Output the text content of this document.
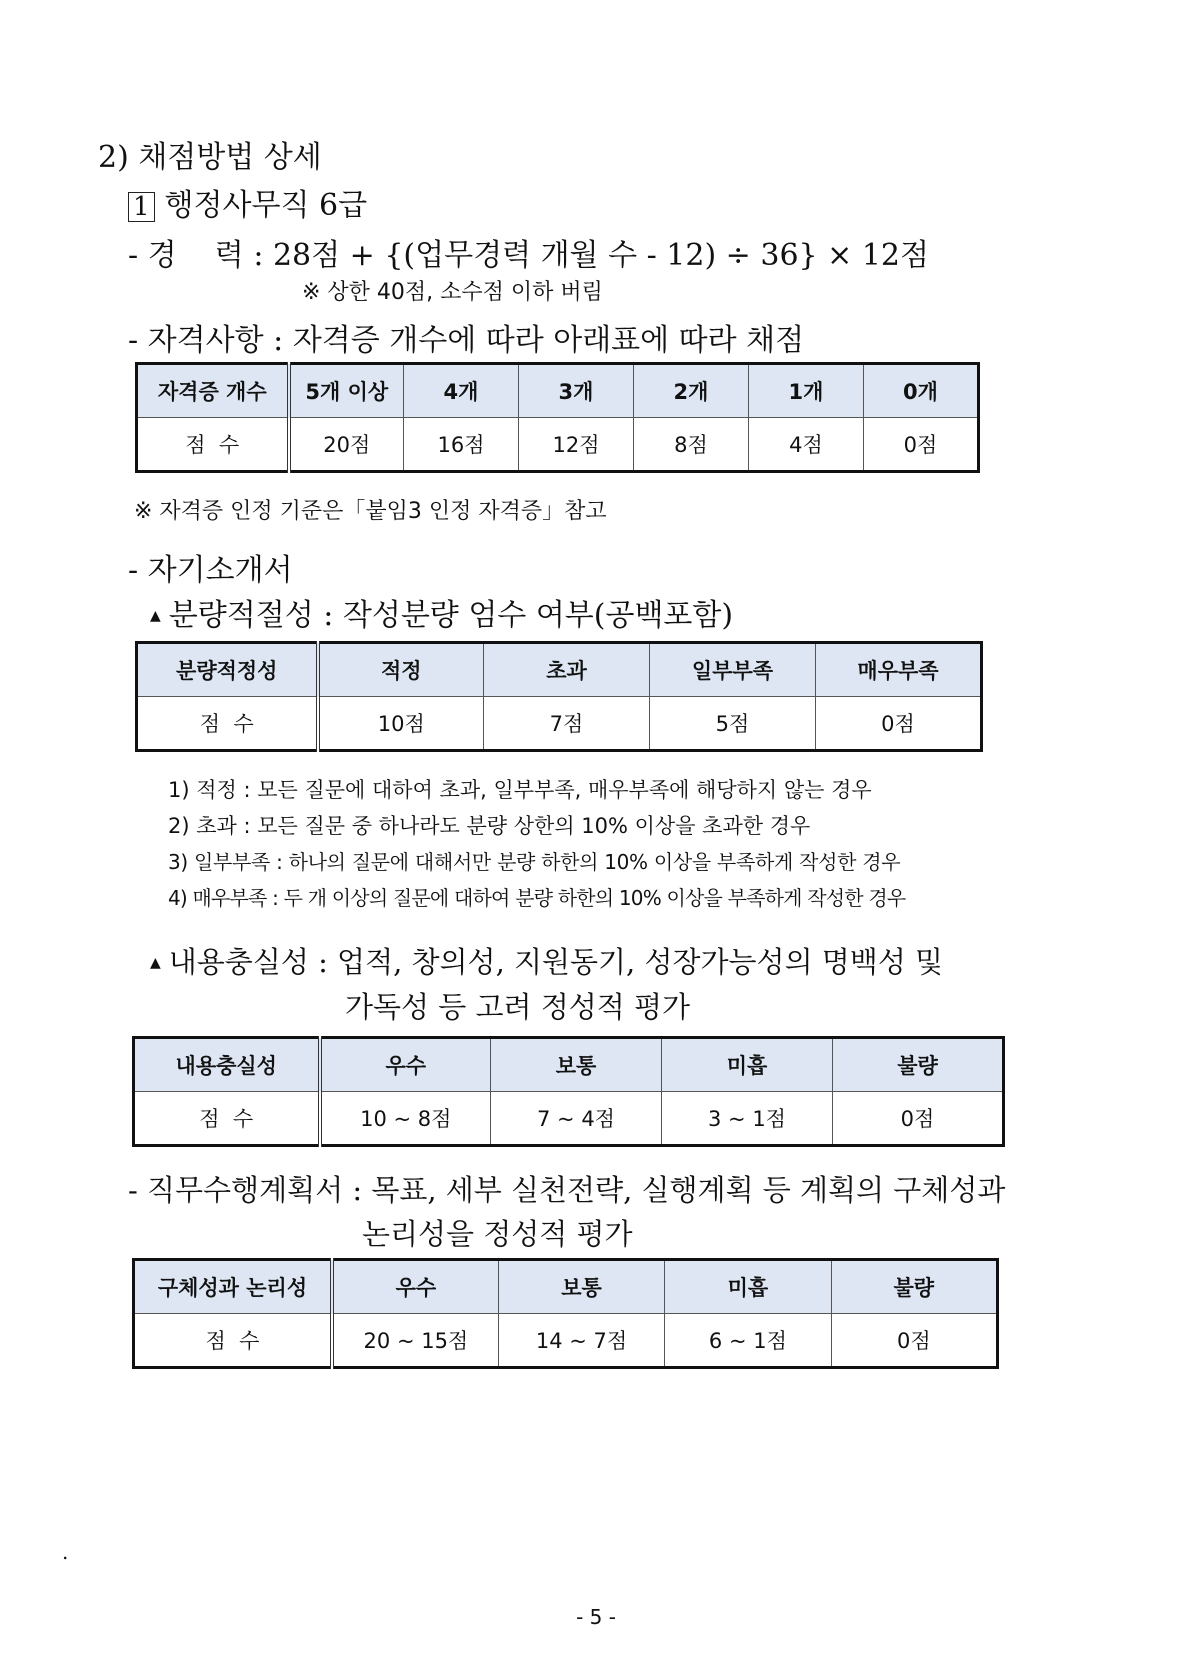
2) 채점방법 상세
1 행정사무직 6급
- 경    력 : 28점 + {(업무경력 개월 수 - 12) ÷ 36} × 12점
※ 상한 40점, 소수점 이하 버림
- 자격사항 : 자격증 개수에 따라 아래표에 따라 채점
자격증 개수	5개 이상	4개	3개	2개	1개	0개
점  수	20점	16점	12점	8점	4점	0점
※ 자격증 인정 기준은「붙임3 인정 자격증」참고
- 자기소개서
▲ 분량적절성 : 작성분량 엄수 여부(공백포함)
분량적정성	적정	초과	일부부족	매우부족
점  수	10점	7점	5점	0점
1) 적정 : 모든 질문에 대하여 초과, 일부부족, 매우부족에 해당하지 않는 경우
2) 초과 : 모든 질문 중 하나라도 분량 상한의 10% 이상을 초과한 경우
3) 일부부족 : 하나의 질문에 대해서만 분량 하한의 10% 이상을 부족하게 작성한 경우
4) 매우부족 : 두 개 이상의 질문에 대하여 분량 하한의 10% 이상을 부족하게 작성한 경우
▲ 내용충실성 : 업적, 창의성, 지원동기, 성장가능성의 명백성 및
가독성 등 고려 정성적 평가
내용충실성	우수	보통	미흡	불량
점  수	10 ~ 8점	7 ~ 4점	3 ~ 1점	0점
- 직무수행계획서 : 목표, 세부 실천전략, 실행계획 등 계획의 구체성과
논리성을 정성적 평가
구체성과 논리성	우수	보통	미흡	불량
점  수	20 ~ 15점	14 ~ 7점	6 ~ 1점	0점
.
- 5 -
